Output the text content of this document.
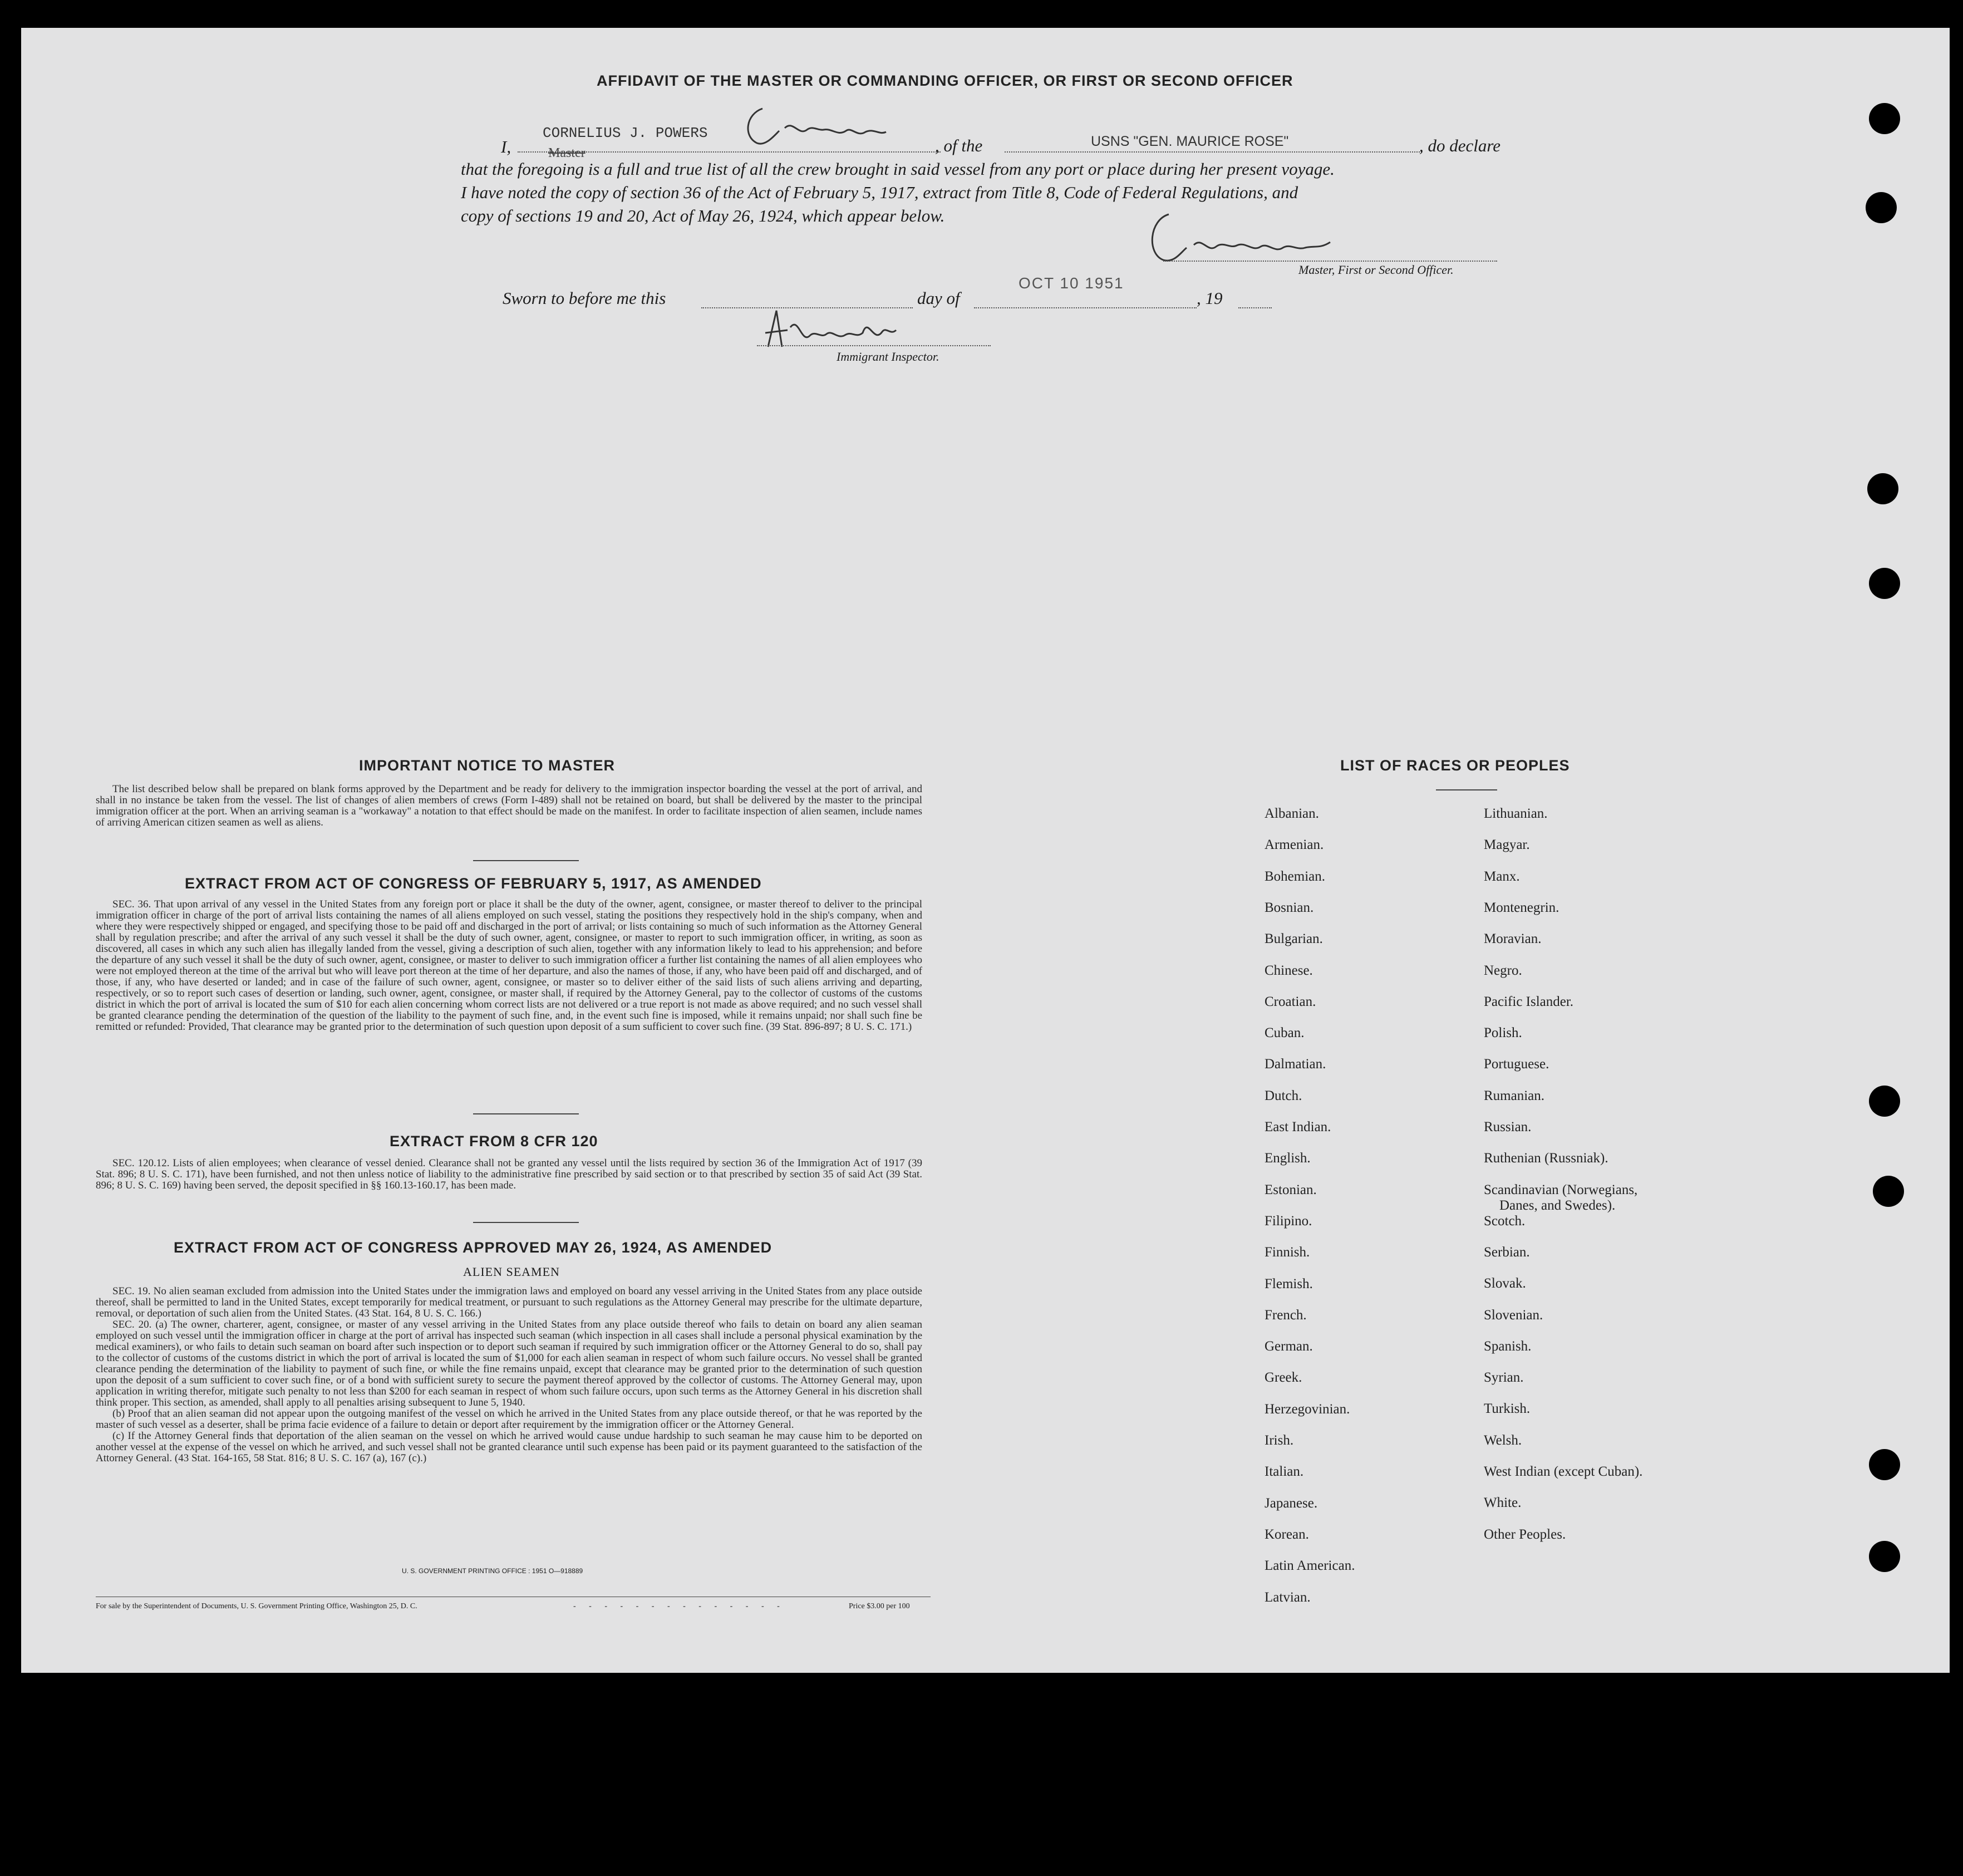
AFFIDAVIT OF THE MASTER OR COMMANDING OFFICER, OR FIRST OR SECOND OFFICER
I,
CORNELIUS J. POWERS
Master	, of the	USNS "GEN. MAURICE ROSE"	, do declare
that the foregoing is a full and true list of all the crew brought in said vessel from any port or place during her present voyage.
I have noted the copy of section 36 of the Act of February 5, 1917, extract from Title 8, Code of Federal Regulations, and
copy of sections 19 and 20, Act of May 26, 1924, which appear below.
Master, First or Second Officer.
Sworn to before me this	day of
OCT 10 1951
, 19
Immigrant Inspector.
IMPORTANT NOTICE TO MASTER

The list described below shall be prepared on blank forms approved by the Department and be ready for delivery to the immigration inspector boarding the vessel at the port of arrival, and shall in no instance be taken from the vessel. The list of changes of alien members of crews (Form I-489) shall not be retained on board, but shall be delivered by the master to the principal immigration officer at the port. When an arriving seaman is a "workaway" a notation to that effect should be made on the manifest. In order to facilitate inspection of alien seamen, include names of arriving American citizen seamen as well as aliens.

EXTRACT FROM ACT OF CONGRESS OF FEBRUARY 5, 1917, AS AMENDED

SEC. 36. That upon arrival of any vessel in the United States from any foreign port or place it shall be the duty of the owner, agent, consignee, or master thereof to deliver to the principal immigration officer in charge of the port of arrival lists containing the names of all aliens employed on such vessel, stating the positions they respectively hold in the ship's company, when and where they were respectively shipped or engaged, and specifying those to be paid off and discharged in the port of arrival; or lists containing so much of such information as the Attorney General shall by regulation prescribe; and after the arrival of any such vessel it shall be the duty of such owner, agent, consignee, or master to report to such immigration officer, in writing, as soon as discovered, all cases in which any such alien has illegally landed from the vessel, giving a description of such alien, together with any information likely to lead to his apprehension; and before the departure of any such vessel it shall be the duty of such owner, agent, consignee, or master to deliver to such immigration officer a further list containing the names of all alien employees who were not employed thereon at the time of the arrival but who will leave port thereon at the time of her departure, and also the names of those, if any, who have been paid off and discharged, and of those, if any, who have deserted or landed; and in case of the failure of such owner, agent, consignee, or master so to deliver either of the said lists of such aliens arriving and departing, respectively, or so to report such cases of desertion or landing, such owner, agent, consignee, or master shall, if required by the Attorney General, pay to the collector of customs of the customs district in which the port of arrival is located the sum of $10 for each alien concerning whom correct lists are not delivered or a true report is not made as above required; and no such vessel shall be granted clearance pending the determination of the question of the liability to the payment of such fine, and, in the event such fine is imposed, while it remains unpaid; nor shall such fine be remitted or refunded: Provided, That clearance may be granted prior to the determination of such question upon deposit of a sum sufficient to cover such fine. (39 Stat. 896-897; 8 U. S. C. 171.)

EXTRACT FROM 8 CFR 120

SEC. 120.12. Lists of alien employees; when clearance of vessel denied. Clearance shall not be granted any vessel until the lists required by section 36 of the Immigration Act of 1917 (39 Stat. 896; 8 U. S. C. 171), have been furnished, and not then unless notice of liability to the administrative fine prescribed by said section or to that prescribed by section 35 of said Act (39 Stat. 896; 8 U. S. C. 169) having been served, the deposit specified in §§ 160.13-160.17, has been made.

EXTRACT FROM ACT OF CONGRESS APPROVED MAY 26, 1924, AS AMENDED
ALIEN SEAMEN

SEC. 19. No alien seaman excluded from admission into the United States under the immigration laws and employed on board any vessel arriving in the United States from any place outside thereof, shall be permitted to land in the United States, except temporarily for medical treatment, or pursuant to such regulations as the Attorney General may prescribe for the ultimate departure, removal, or deportation of such alien from the United States. (43 Stat. 164, 8 U. S. C. 166.)

SEC. 20. (a) The owner, charterer, agent, consignee, or master of any vessel arriving in the United States from any place outside thereof who fails to detain on board any alien seaman employed on such vessel until the immigration officer in charge at the port of arrival has inspected such seaman (which inspection in all cases shall include a personal physical examination by the medical examiners), or who fails to detain such seaman on board after such inspection or to deport such seaman if required by such immigration officer or the Attorney General to do so, shall pay to the collector of customs of the customs district in which the port of arrival is located the sum of $1,000 for each alien seaman in respect of whom such failure occurs. No vessel shall be granted clearance pending the determination of the liability to payment of such fine, or while the fine remains unpaid, except that clearance may be granted prior to the determination of such question upon the deposit of a sum sufficient to cover such fine, or of a bond with sufficient surety to secure the payment thereof approved by the collector of customs. The Attorney General may, upon application in writing therefor, mitigate such penalty to not less than $200 for each seaman in respect of whom such failure occurs, upon such terms as the Attorney General in his discretion shall think proper. This section, as amended, shall apply to all penalties arising subsequent to June 5, 1940.

(b) Proof that an alien seaman did not appear upon the outgoing manifest of the vessel on which he arrived in the United States from any place outside thereof, or that he was reported by the master of such vessel as a deserter, shall be prima facie evidence of a failure to detain or deport after requirement by the immigration officer or the Attorney General.

(c) If the Attorney General finds that deportation of the alien seaman on the vessel on which he arrived would cause undue hardship to such seaman he may cause him to be deported on another vessel at the expense of the vessel on which he arrived, and such vessel shall not be granted clearance until such expense has been paid or its payment guaranteed to the satisfaction of the Attorney General. (43 Stat. 164-165, 58 Stat. 816; 8 U. S. C. 167 (a), 167 (c).)

U. S. GOVERNMENT PRINTING OFFICE : 1951 O—918889
For sale by the Superintendent of Documents, U. S. Government Printing Office, Washington 25, D. C.	- - - - - - - - - - - - - -	Price $3.00 per 100
LIST OF RACES OR PEOPLES
Albanian.
Armenian.
Bohemian.
Bosnian.
Bulgarian.
Chinese.
Croatian.
Cuban.
Dalmatian.
Dutch.
East Indian.
English.
Estonian.
Filipino.
Finnish.
Flemish.
French.
German.
Greek.
Herzegovinian.
Irish.
Italian.
Japanese.
Korean.
Latin American.
Latvian.
Lithuanian.
Magyar.
Manx.
Montenegrin.
Moravian.
Negro.
Pacific Islander.
Polish.
Portuguese.
Rumanian.
Russian.
Ruthenian (Russniak).
Scandinavian (Norwegians,
Danes, and Swedes).
Scotch.
Serbian.
Slovak.
Slovenian.
Spanish.
Syrian.
Turkish.
Welsh.
West Indian (except Cuban).
White.
Other Peoples.
